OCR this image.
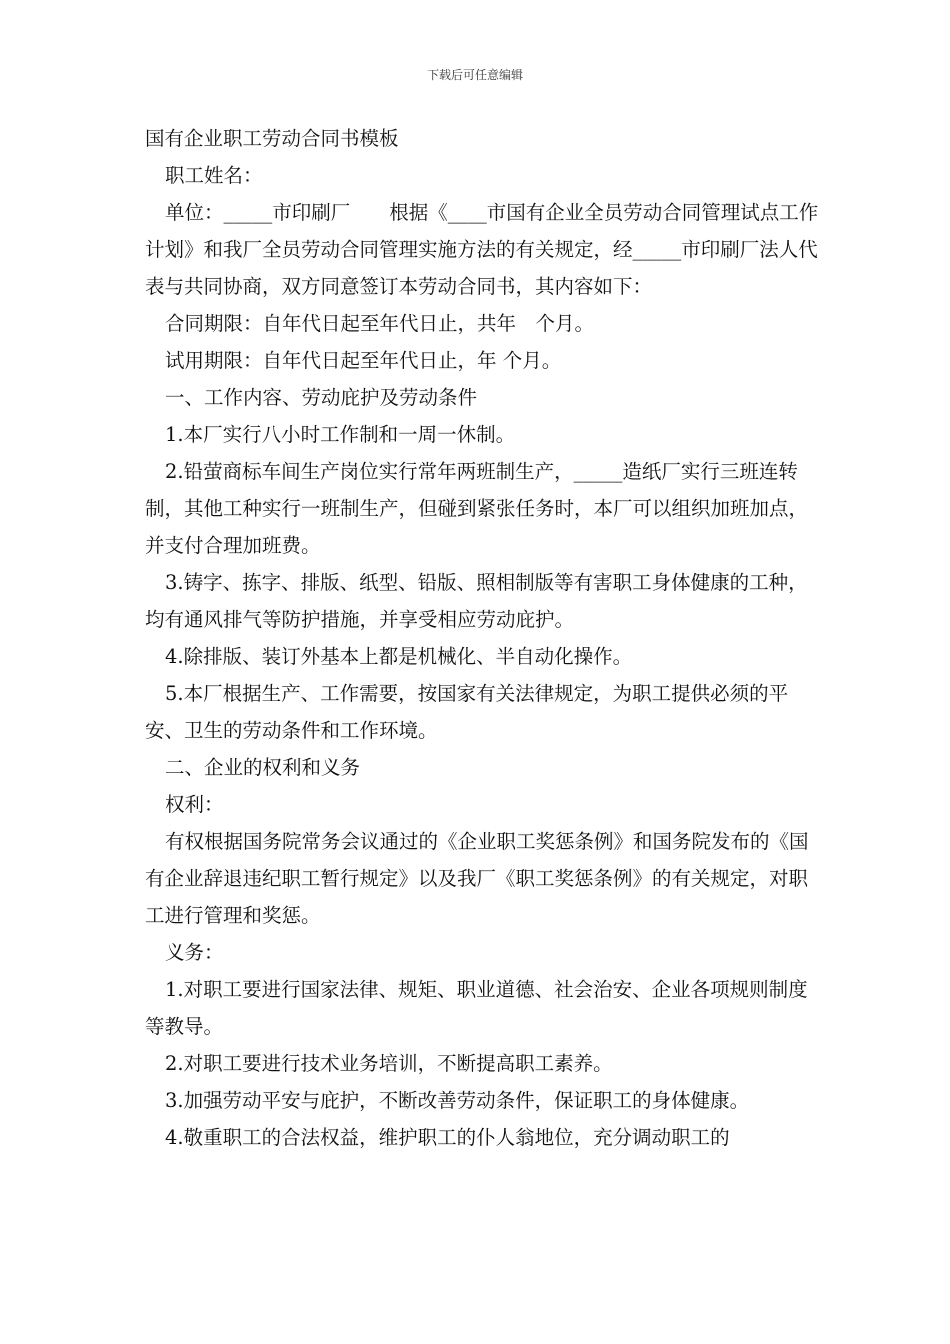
下载后可任意编辑

国有企业职工劳动合同书模板

职工姓名：

单位：_____市印刷厂　　根据《____市国有企业全员劳动合同管理试点工作计划》和我厂全员劳动合同管理实施方法的有关规定，经_____市印刷厂法人代表与共同协商，双方同意签订本劳动合同书，其内容如下：

合同期限：自年代日起至年代日止，共年　个月。

试用期限：自年代日起至年代日止，年 个月。

一、工作内容、劳动庇护及劳动条件

1.本厂实行八小时工作制和一周一休制。

2.铅萤商标车间生产岗位实行常年两班制生产，_____造纸厂实行三班连转制，其他工种实行一班制生产，但碰到紧张任务时，本厂可以组织加班加点，并支付合理加班费。

3.铸字、拣字、排版、纸型、铅版、照相制版等有害职工身体健康的工种，均有通风排气等防护措施，并享受相应劳动庇护。

4.除排版、装订外基本上都是机械化、半自动化操作。

5.本厂根据生产、工作需要，按国家有关法律规定，为职工提供必须的平安、卫生的劳动条件和工作环境。

二、企业的权利和义务

权利：

有权根据国务院常务会议通过的《企业职工奖惩条例》和国务院发布的《国有企业辞退违纪职工暂行规定》以及我厂《职工奖惩条例》的有关规定，对职工进行管理和奖惩。

义务：

1.对职工要进行国家法律、规矩、职业道德、社会治安、企业各项规则制度等教导。

2.对职工要进行技术业务培训，不断提高职工素养。

3.加强劳动平安与庇护，不断改善劳动条件，保证职工的身体健康。

4.敬重职工的合法权益，维护职工的仆人翁地位，充分调动职工的
